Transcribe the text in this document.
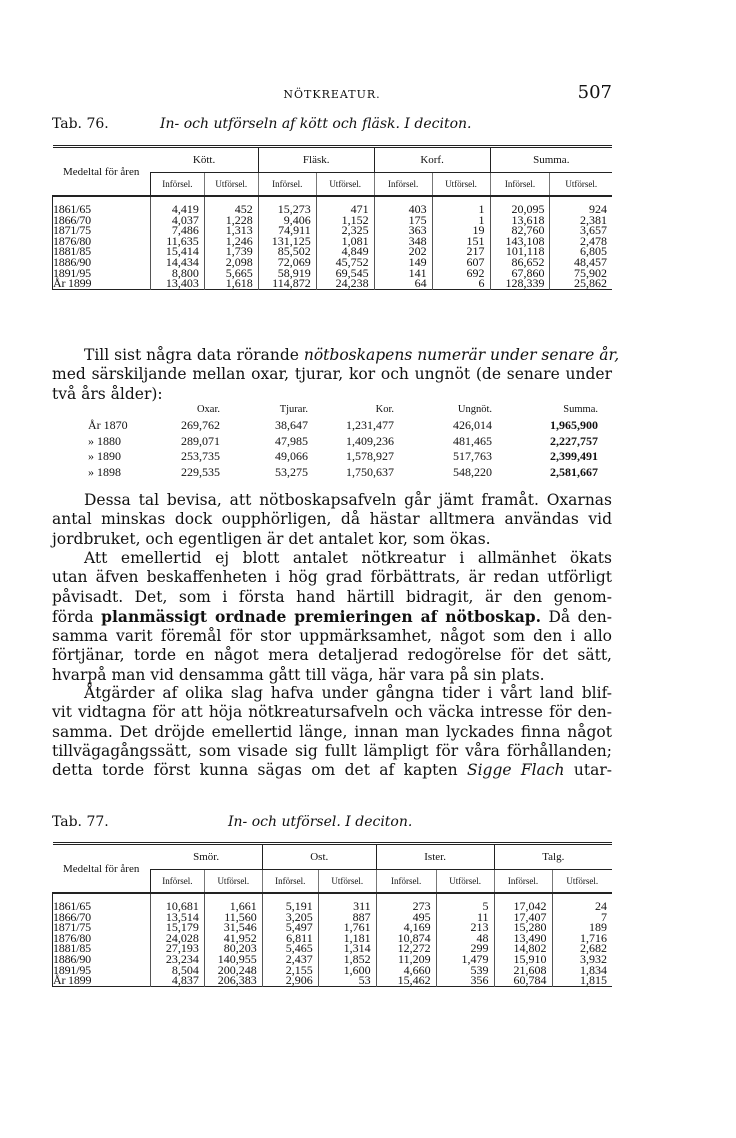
NÖTKREATUR.	507
Tab. 76.	In- och utförseln af kött och fläsk. I deciton.
Medeltal för åren	Kött.		Fläsk.		Korf.		Summa.	
	Införsel.	Utförsel.	Införsel.	Utförsel.	Införsel.	Utförsel.	Införsel.	Utförsel.
1861/65	4,419	452	15,273	471	403	1	20,095	924
1866/70	4,037	1,228	9,406	1,152	175	1	13,618	2,381
1871/75	7,486	1,313	74,911	2,325	363	19	82,760	3,657
1876/80	11,635	1,246	131,125	1,081	348	151	143,108	2,478
1881/85	15,414	1,739	85,502	4,849	202	217	101,118	6,805
1886/90	14,434	2,098	72,069	45,752	149	607	86,652	48,457
1891/95	8,800	5,665	58,919	69,545	141	692	67,860	75,902
År 1899	13,403	1,618	114,872	24,238	64	6	128,339	25,862
Till sist några data rörande nötboskapens numerär under senare år,
med särskiljande mellan oxar, tjurar, kor och ungnöt (de senare under
två års ålder):
	Oxar.	Tjurar.	Kor.	Ungnöt.	Summa.
År 1870	269,762	38,647	1,231,477	426,014	1,965,900
» 1880	289,071	47,985	1,409,236	481,465	2,227,757
» 1890	253,735	49,066	1,578,927	517,763	2,399,491
» 1898	229,535	53,275	1,750,637	548,220	2,581,667
Dessa tal bevisa, att nötboskapsafveln går jämt framåt. Oxarnas
antal minskas dock oupphörligen, då hästar alltmera användas vid
jordbruket, och egentligen är det antalet kor, som ökas.
Att emellertid ej blott antalet nötkreatur i allmänhet ökats
utan äfven beskaffenheten i hög grad förbättrats, är redan utförligt
påvisadt. Det, som i första hand härtill bidragit, är den genom-
förda planmässigt ordnade premieringen af nötboskap. Då den-
samma varit föremål för stor uppmärksamhet, något som den i allo
förtjänar, torde en något mera detaljerad redogörelse för det sätt,
hvarpå man vid densamma gått till väga, här vara på sin plats.
Åtgärder af olika slag hafva under gångna tider i vårt land blif-
vit vidtagna för att höja nötkreatursafveln och väcka intresse för den-
samma. Det dröjde emellertid länge, innan man lyckades finna något
tillvägagångssätt, som visade sig fullt lämpligt för våra förhållanden;
detta torde först kunna sägas om det af kapten Sigge Flach utar-
Tab. 77.	In- och utförsel. I deciton.
Medeltal för åren	Smör.		Ost.		Ister.		Talg.	
	Införsel.	Utförsel.	Införsel.	Utförsel.	Införsel.	Utförsel.	Införsel.	Utförsel.
1861/65	10,681	1,661	5,191	311	273	5	17,042	24
1866/70	13,514	11,560	3,205	887	495	11	17,407	7
1871/75	15,179	31,546	5,497	1,761	4,169	213	15,280	189
1876/80	24,028	41,952	6,811	1,181	10,874	48	13,490	1,716
1881/85	27,193	80,203	5,465	1,314	12,272	299	14,802	2,682
1886/90	23,234	140,955	2,437	1,852	11,209	1,479	15,910	3,932
1891/95	8,504	200,248	2,155	1,600	4,660	539	21,608	1,834
År 1899	4,837	206,383	2,906	53	15,462	356	60,784	1,815
